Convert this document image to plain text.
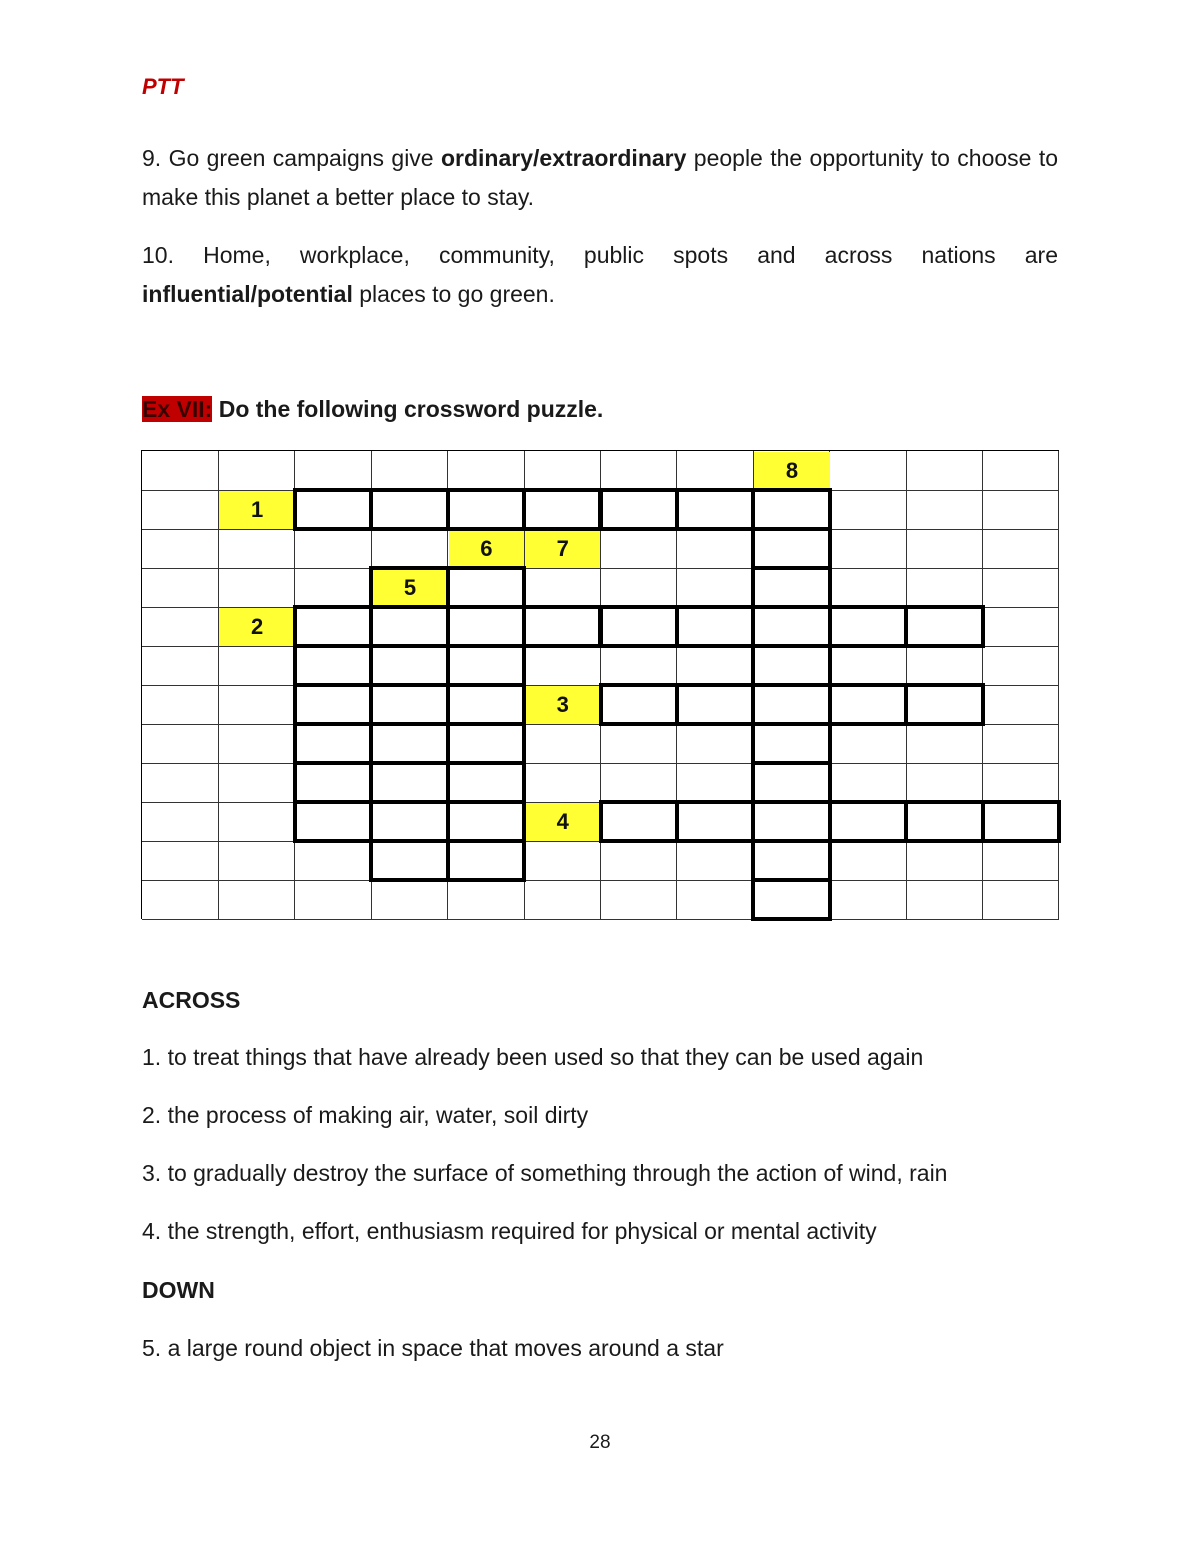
PTT
9. Go green campaigns give ordinary/extraordinary people the opportunity to choose to make this planet a better place to stay.
10. Home, workplace, community, public spots and across nations are influential/potential places to go green.
Ex VII: Do the following crossword puzzle.
8
1
6	7
5
2
3
4
ACROSS
1. to treat things that have already been used so that they can be used again
2. the process of making air, water, soil dirty
3. to gradually destroy the surface of something through the action of wind, rain
4. the strength, effort, enthusiasm required for physical or mental activity
DOWN
5. a large round object in space that moves around a star
28
